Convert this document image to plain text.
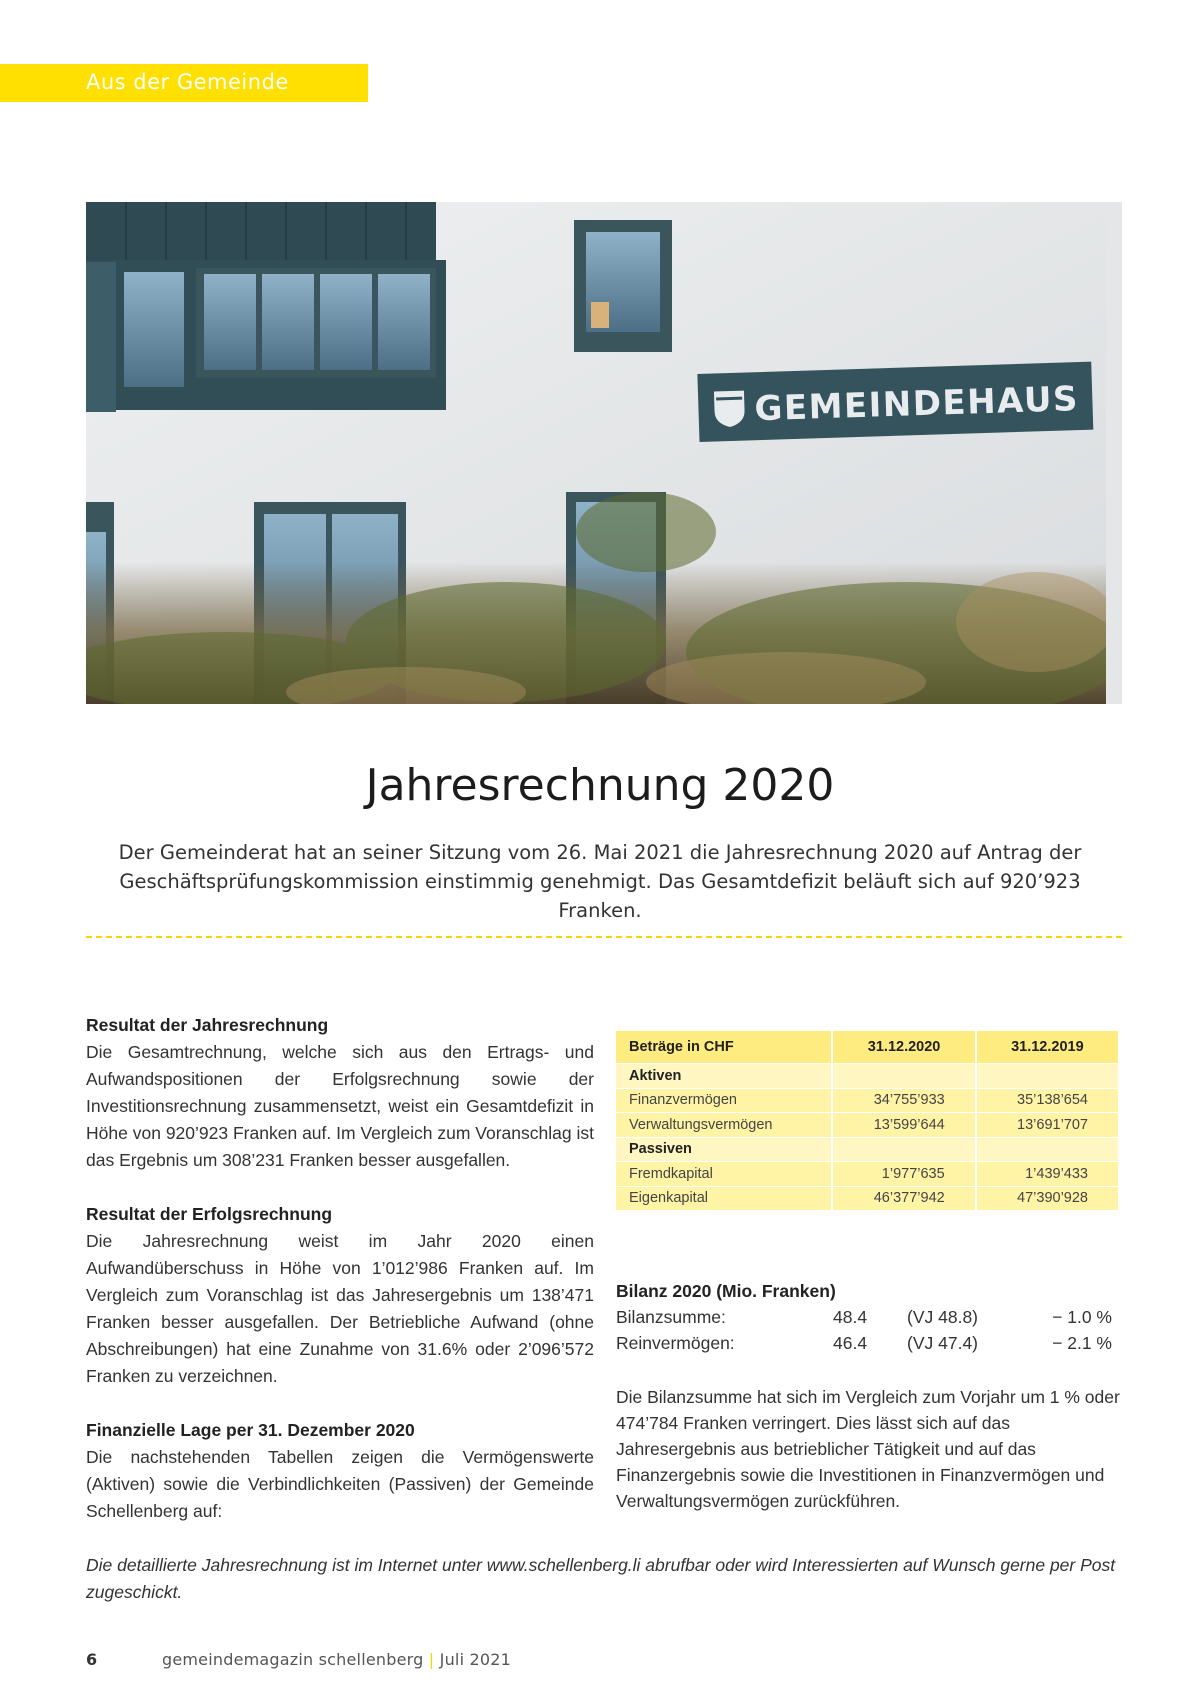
Aus der Gemeinde
GEMEINDEHAUS
Jahresrechnung 2020
Der Gemeinderat hat an seiner Sitzung vom 26. Mai 2021 die Jahresrechnung 2020 auf Antrag der Geschäftsprüfungskommission einstimmig genehmigt. Das Gesamtdefizit beläuft sich auf 920’923 Franken.
Resultat der Jahresrechnung

Die Gesamtrechnung, welche sich aus den Ertrags- und Aufwandspositionen der Erfolgsrechnung sowie der Investitionsrechnung zusammensetzt, weist ein Gesamtdefizit in Höhe von 920’923 Franken auf. Im Vergleich zum Voranschlag ist das Ergebnis um 308’231 Franken besser ausgefallen.

Resultat der Erfolgsrechnung

Die Jahresrechnung weist im Jahr 2020 einen Aufwandüberschuss in Höhe von 1’012’986 Franken auf. Im Vergleich zum Voranschlag ist das Jahresergebnis um 138’471 Franken besser ausgefallen. Der Betriebliche Aufwand (ohne Abschreibungen) hat eine Zunahme von 31.6% oder 2’096’572 Franken zu verzeichnen.

Finanzielle Lage per 31. Dezember 2020

Die nachstehenden Tabellen zeigen die Vermögenswerte (Aktiven) sowie die Verbindlichkeiten (Passiven) der Gemeinde Schellenberg auf:

Beträge in CHF	31.12.2020	31.12.2019
Aktiven		
Finanzvermögen	34’755’933	35’138’654
Verwaltungsvermögen	13’599’644	13’691’707
Passiven		
Fremdkapital	1’977’635	1’439’433
Eigenkapital	46’377’942	47’390’928
Bilanz 2020 (Mio. Franken)
Bilanzsumme:	48.4 (VJ 48.8)	− 1.0 %
Reinvermögen:	46.4 (VJ 47.4)	− 2.1 %

Die Bilanzsumme hat sich im Vergleich zum Vorjahr um 1 % oder 474’784 Franken verringert. Dies lässt sich auf das Jahresergebnis aus betrieblicher Tätigkeit und auf das Finanzergebnis sowie die Investitionen in Finanzvermögen und Verwaltungsvermögen zurückführen.

Die detaillierte Jahresrechnung ist im Internet unter www.schellenberg.li abrufbar oder wird Interessierten auf Wunsch gerne per Post zugeschickt.
6	gemeindemagazin schellenberg | Juli 2021
